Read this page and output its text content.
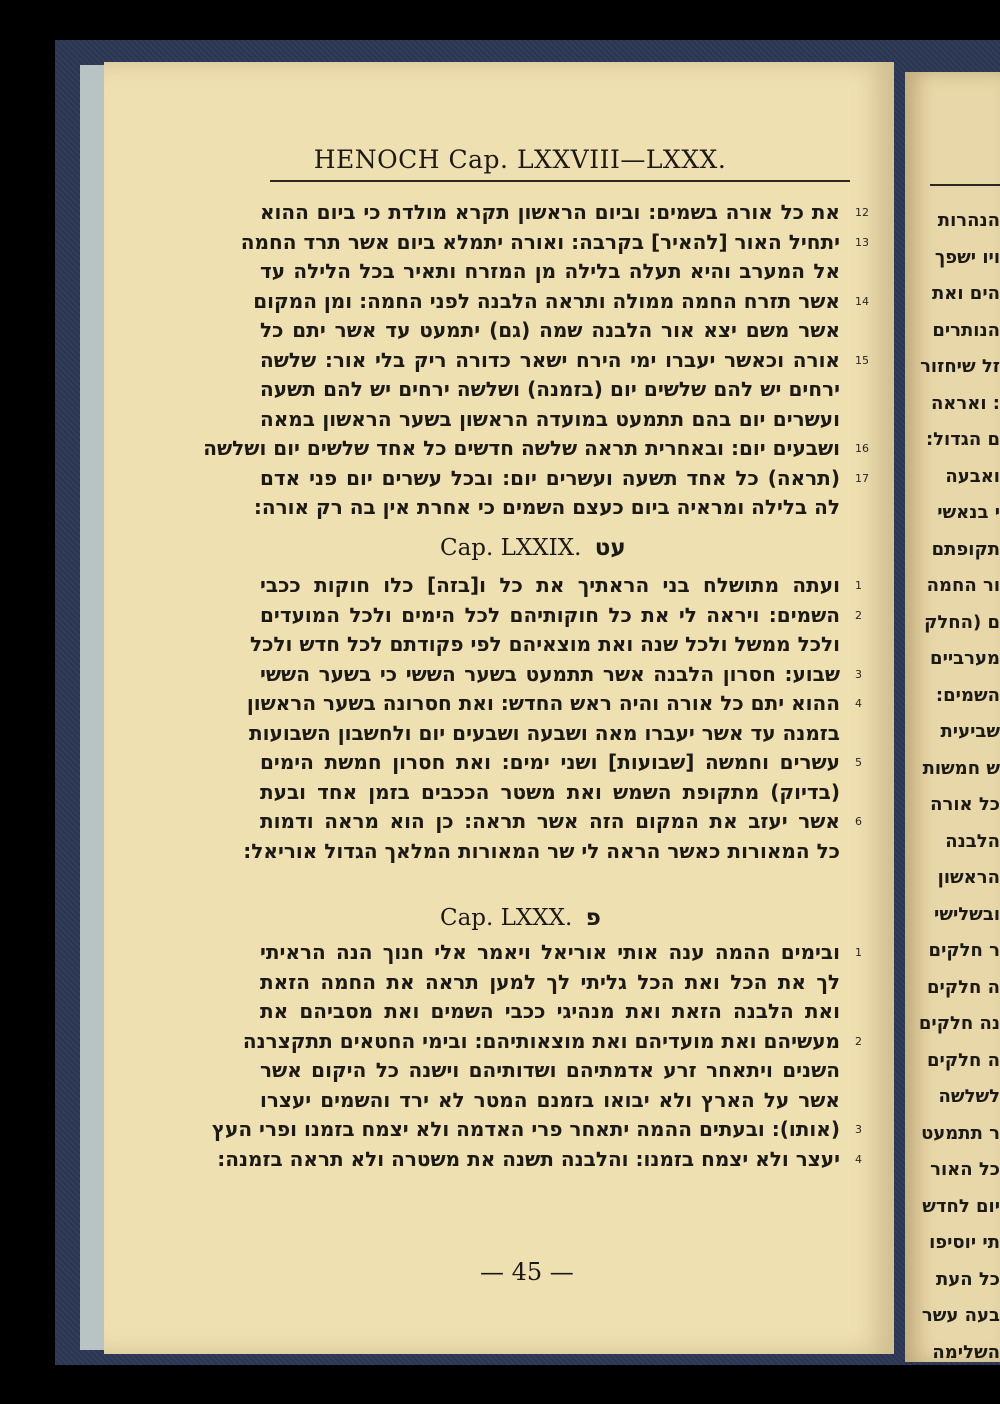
HENOCH Cap. LXXVIII—LXXX.
את כל אורה בשמים: וביום הראשון תקרא מולדת כי ביום ההוא 12
יתחיל האור [להאיר] בקרבה: ואורה יתמלא ביום אשר תרד החמה 13
אל המערב והיא תעלה בלילה מן המזרח ותאיר בכל הלילה עד
אשר תזרח החמה ממולה ותראה הלבנה לפני החמה: ומן המקום 14
אשר משם יצא אור הלבנה שמה (גם) יתמעט עד אשר יתם כל
אורה וכאשר יעברו ימי הירח ישאר כדורה ריק בלי אור: שלשה 15
ירחים יש להם שלשים יום (בזמנה) ושלשה ירחים יש להם תשעה
ועשרים יום בהם תתמעט במועדה הראשון בשער הראשון במאה
ושבעים יום: ובאחרית תראה שלשה חדשים כל אחד שלשים יום ושלשה 16
(תראה) כל אחד תשעה ועשרים יום: ובכל עשרים יום פני אדם 17
לה בלילה ומראיה ביום כעצם השמים כי אחרת אין בה רק אורה:
Cap. LXXIX. עט
ועתה מתושלח בני הראתיך את כל ו[בזה] כלו חוקות ככבי 1
השמים: ויראה לי את כל חוקותיהם לכל הימים ולכל המועדים 2
ולכל ממשל ולכל שנה ואת מוצאיהם לפי פקודתם לכל חדש ולכל
שבוע: חסרון הלבנה אשר תתמעט בשער הששי כי בשער הששי 3
ההוא יתם כל אורה והיה ראש החדש: ואת חסרונה בשער הראשון 4
בזמנה עד אשר יעברו מאה ושבעה ושבעים יום ולחשבון השבועות
עשרים וחמשה [שבועות] ושני ימים: ואת חסרון חמשת הימים 5
(בדיוק) מתקופת השמש ואת משטר הככבים בזמן אחד ובעת
אשר יעזב את המקום הזה אשר תראה: כן הוא מראה ודמות 6
כל המאורות כאשר הראה לי שר המאורות המלאך הגדול אוריאל:
Cap. LXXX. פ
ובימים ההמה ענה אותי אוריאל ויאמר אלי חנוך הנה הראיתי 1
לך את הכל ואת הכל גליתי לך למען תראה את החמה הזאת
ואת הלבנה הזאת ואת מנהיגי ככבי השמים ואת מסביהם את
מעשיהם ואת מועדיהם ואת מוצאותיהם: ובימי החטאים תתקצרנה 2
השנים ויתאחר זרע אדמתיהם ושדותיהם וישנה כל היקום אשר
אשר על הארץ ולא יבואו בזמנם המטר לא ירד והשמים יעצרו
(אותו): ובעתים ההמה יתאחר פרי האדמה ולא יצמח בזמנו ופרי העץ 3
יעצר ולא יצמח בזמנו: והלבנה תשנה את משטרה ולא תראה בזמנה: 4
— 45 —
הנהרות
ויו ישפך
הים ואת
הנותרים
זל שיחזור
: ואראה
ם הגדול:
ואבעה
י בנאשי
תקופתם
ור החמה
ם (החלק
מערביים
השמים:
שביעית
ש חמשות
כל אורה
הלבנה
הראשון
ובשלישי
ר חלקים
ה חלקים
נה חלקים
ה חלקים
לשלשה
ר תתמעט
כל האור
יום לחדש
תי יוסיפו
כל העת
בעה עשר
השלימה
